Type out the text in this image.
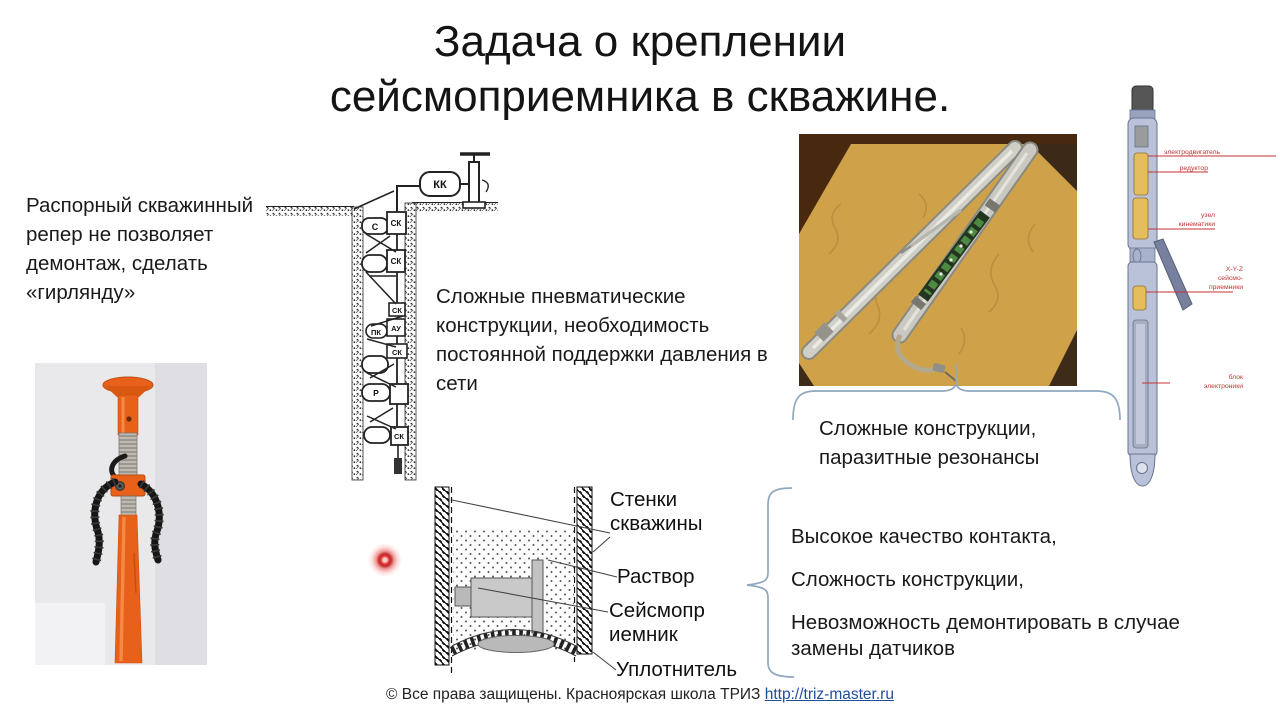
Задача о креплении
сейсмоприемника в скважине.
Распорный скважинный репер не позволяет демонтаж, сделать «гирлянду»
КК
С СК
СК
СК
ПК АУ
СК
Р
СК
Сложные пневматические конструкции, необходимость постоянной поддержки давления в сети
Сложные конструкции, паразитные резонансы
электродвигатель
редуктор
узел
кинематики
X-Y-Z
сейсмо-
приемники
блок
электроники
Стенки скважины
Раствор
Сейсмоприемник
Уплотнитель
Высокое качество контакта,
Сложность конструкции,
Невозможность демонтировать в случае замены датчиков
© Все права защищены. Красноярская школа ТРИЗ http://triz-master.ru
